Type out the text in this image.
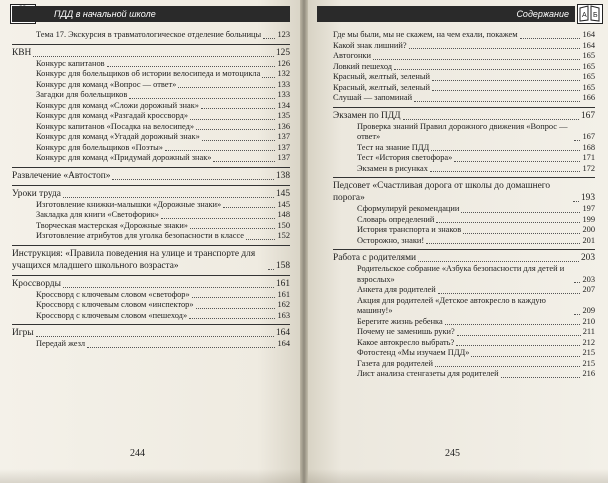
ПДД в начальной школе
Тема 17. Экскурсия в травматологическое отделение больницы 123
КВН	125
Конкурс капитанов	126
Конкурс для болельщиков об истории велосипеда и мотоцикла 132
Конкурс для команд «Вопрос — ответ»	133
Загадки для болельщиков	133
Конкурс для команд «Сложи дорожный знак»	134
Конкурс для команд «Разгадай кроссворд»	135
Конкурс капитанов «Посадка на велосипед»	136
Конкурс для команд «Угадай дорожный знак»	137
Конкурс для болельщиков «Поэты»	137
Конкурс для команд «Придумай дорожный знак»	137
Развлечение «Автостоп»	138
Уроки труда	145
Изготовление книжки-малышки «Дорожные знаки»	145
Закладка для книги «Светофорик»	148
Творческая мастерская «Дорожные знаки»	150
Изготовление атрибутов для уголка безопасности в классе	152
Инструкция: «Правила поведения на улице и транспорте для учащихся младшего школьного возраста»	158
Кроссворды	161
Кроссворд с ключевым словом «светофор»	161
Кроссворд с ключевым словом «инспектор»	162
Кроссворд с ключевым словом «пешеход»	163
Игры	164
Передай жезл	164
244
Содержание	A Б
Где мы были, мы не скажем, на чем ехали, покажем	164
Какой знак лишний?	164
Автогонки	165
Ловкий пешеход	165
Красный, желтый, зеленый	165
Красный, желтый, зеленый	165
Слушай — запоминай	166
Экзамен по ПДД	167
Проверка знаний Правил дорожного движения «Вопрос — ответ»	167
Тест на знание ПДД	168
Тест «История светофора»	171
Экзамен в рисунках	172
Педсовет «Счастливая дорога от школы до домашнего порога»	193
Сформулируй рекомендации	197
Словарь определений	199
История транспорта и знаков	200
Осторожно, знаки!	201
Работа с родителями	203
Родительское собрание «Азбука безопасности для детей и взрослых»	203
Анкета для родителей	207
Акция для родителей «Детское автокресло в каждую машину!»	209
Берегите жизнь ребенка	210
Почему не заменишь руки?	211
Какое автокресло выбрать?	212
Фотостенд «Мы изучаем ПДД»	215
Газета для родителей	215
Лист анализа стенгазеты для родителей	216
245
